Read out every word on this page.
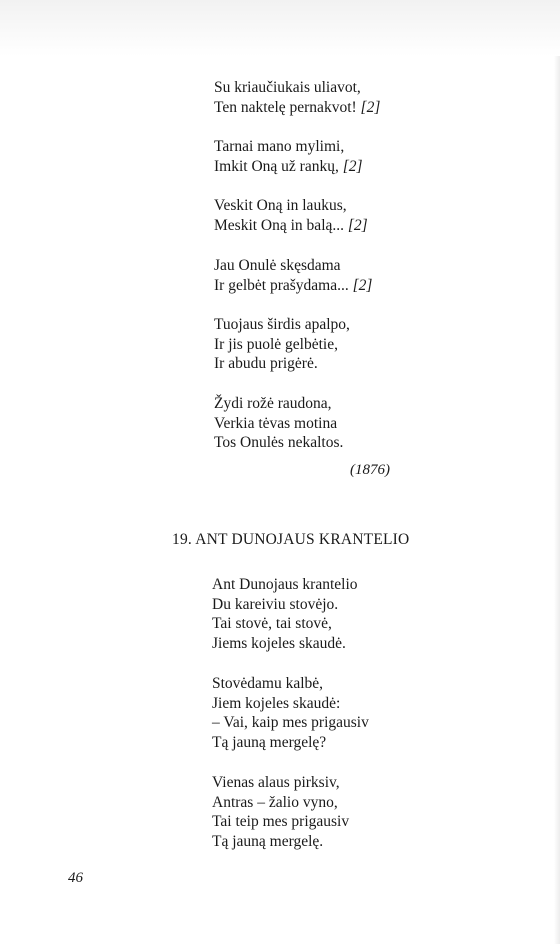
Su kriaučiukais uliavot,
Ten naktelę pernakvot! [2]
Tarnai mano mylimi,
Imkit Oną už rankų, [2]
Veskit Oną in laukus,
Meskit Oną in balą... [2]
Jau Onulė skęsdama
Ir gelbėt prašydama... [2]
Tuojaus širdis apalpo,
Ir jis puolė gelbėtie,
Ir abudu prigėrė.
Žydi rožė raudona,
Verkia tėvas motina
Tos Onulės nekaltos.
(1876)
19. ANT DUNOJAUS KRANTELIO
Ant Dunojaus krantelio
Du kareiviu stovėjo.
Tai stovė, tai stovė,
Jiems kojeles skaudė.
Stovėdamu kalbė,
Jiem kojeles skaudė:
– Vai, kaip mes prigausiv
Tą jauną mergelę?
Vienas alaus pirksiv,
Antras – žalio vyno,
Tai teip mes prigausiv
Tą jauną mergelę.
46
